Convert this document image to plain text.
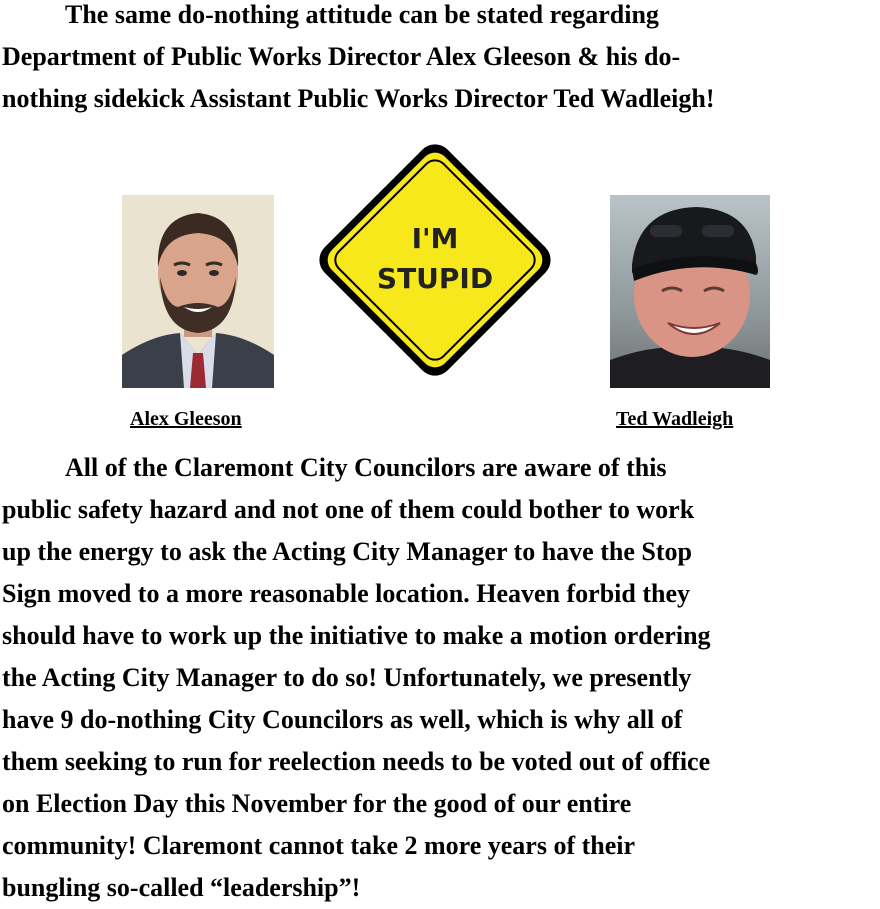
The same do-nothing attitude can be stated regarding
Department of Public Works Director Alex Gleeson & his do-
nothing sidekick Assistant Public Works Director Ted Wadleigh!
I'M
STUPID
Alex Gleeson	Ted Wadleigh
All of the Claremont City Councilors are aware of this
public safety hazard and not one of them could bother to work
up the energy to ask the Acting City Manager to have the Stop
Sign moved to a more reasonable location. Heaven forbid they
should have to work up the initiative to make a motion ordering
the Acting City Manager to do so! Unfortunately, we presently
have 9 do-nothing City Councilors as well, which is why all of
them seeking to run for reelection needs to be voted out of office
on Election Day this November for the good of our entire
community! Claremont cannot take 2 more years of their
bungling so-called “leadership”!
